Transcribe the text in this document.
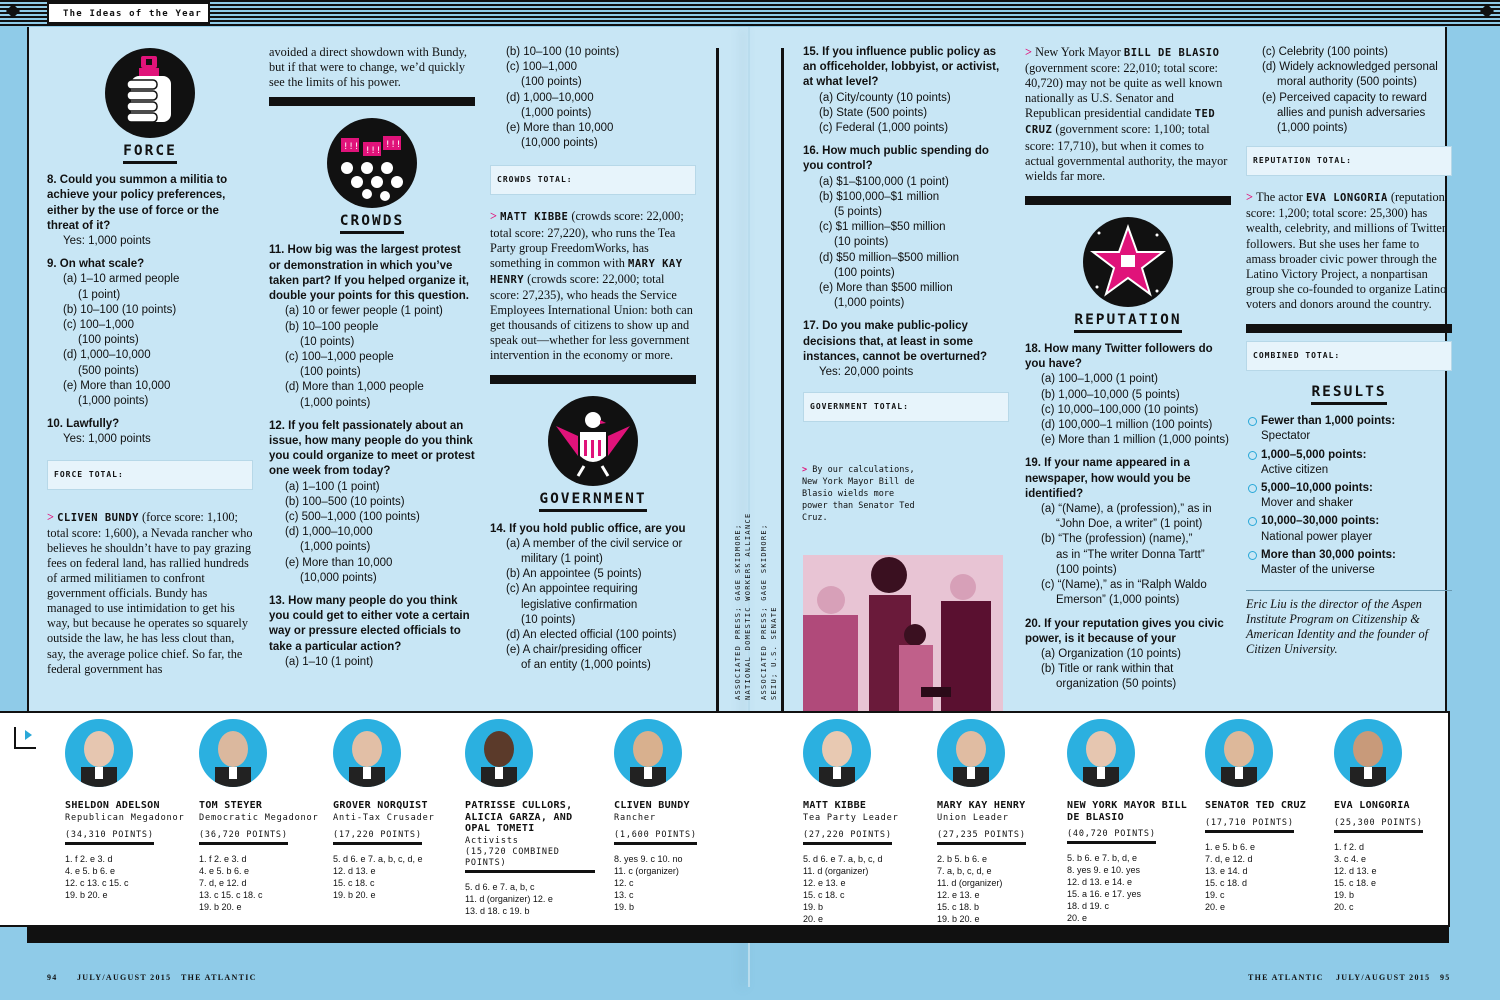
The Ideas of the Year
FORCE
8. Could you summon a militia to achieve your policy preferences, either by the use of force or the threat of it?
Yes: 1,000 points
9. On what scale?
(a) 1–10 armed people
(1 point)
(b) 10–100 (10 points)
(c) 100–1,000
(100 points)
(d) 1,000–10,000
(500 points)
(e) More than 10,000
(1,000 points)
10. Lawfully?
Yes: 1,000 points
FORCE TOTAL:
> CLIVEN BUNDY (force score: 1,100; total score: 1,600), a Nevada rancher who believes he shouldn’t have to pay grazing fees on federal land, has rallied hundreds of armed militiamen to confront government officials. Bundy has managed to use intimidation to get his way, but because he operates so squarely outside the law, he has less clout than, say, the average police chief. So far, the federal government has
avoided a direct showdown with Bundy, but if that were to change, we’d quickly see the limits of his power.
!!! !!!
!!!
CROWDS
11. How big was the largest protest or demonstration in which you’ve taken part? If you helped organize it, double your points for this question.
(a) 10 or fewer people (1 point)
(b) 10–100 people
(10 points)
(c) 100–1,000 people
(100 points)
(d) More than 1,000 people
(1,000 points)
12. If you felt passionately about an issue, how many people do you think you could organize to meet or protest one week from today?
(a) 1–100 (1 point)
(b) 100–500 (10 points)
(c) 500–1,000 (100 points)
(d) 1,000–10,000
(1,000 points)
(e) More than 10,000
(10,000 points)
13. How many people do you think you could get to either vote a certain way or pressure elected officials to take a particular action?
(a) 1–10 (1 point)
(b) 10–100 (10 points)
(c) 100–1,000
(100 points)
(d) 1,000–10,000
(1,000 points)
(e) More than 10,000
(10,000 points)
CROWDS TOTAL:
> MATT KIBBE (crowds score: 22,000; total score: 27,220), who runs the Tea Party group FreedomWorks, has something in common with MARY KAY HENRY (crowds score: 22,000; total score: 27,235), who heads the Service Employees International Union: both can get thousands of citizens to show up and speak out—whether for less government intervention in the economy or more.
GOVERNMENT
14. If you hold public office, are you
(a) A member of the civil service or
military (1 point)
(b) An appointee (5 points)
(c) An appointee requiring
legislative confirmation
(10 points)
(d) An elected official (100 points)
(e) A chair/presiding officer
of an entity (1,000 points)	ASSOCIATED PRESS; GAGE SKIDMORE; NATIONAL DOMESTIC WORKERS ALLIANCE ASSOCIATED PRESS; GAGE SKIDMORE; SEIU; U.S. SENATE
15. If you influence public policy as an officeholder, lobbyist, or activist, at what level?
(a) City/county (10 points)
(b) State (500 points)
(c) Federal (1,000 points)
16. How much public spending do you control?
(a) $1–$100,000 (1 point)
(b) $100,000–$1 million
(5 points)
(c) $1 million–$50 million
(10 points)
(d) $50 million–$500 million
(100 points)
(e) More than $500 million
(1,000 points)
17. Do you make public-policy decisions that, at least in some instances, cannot be overturned?
Yes: 20,000 points
GOVERNMENT TOTAL:
> By our calculations, New York Mayor Bill de Blasio wields more power than Senator Ted Cruz.
> New York Mayor BILL DE BLASIO (government score: 22,010; total score: 40,720) may not be quite as well known nationally as U.S. Senator and Republican presidential candidate TED CRUZ (government score: 1,100; total score: 17,710), but when it comes to actual governmental authority, the mayor wields far more.
REPUTATION
18. How many Twitter followers do you have?
(a) 100–1,000 (1 point)
(b) 1,000–10,000 (5 points)
(c) 10,000–100,000 (10 points)
(d) 100,000–1 million (100 points)
(e) More than 1 million (1,000 points)
19. If your name appeared in a newspaper, how would you be identified?
(a) “(Name), a (profession),” as in
“John Doe, a writer” (1 point)
(b) “The (profession) (name),”
as in “The writer Donna Tartt”
(100 points)
(c) “(Name),” as in “Ralph Waldo
Emerson” (1,000 points)
20. If your reputation gives you civic power, is it because of your
(a) Organization (10 points)
(b) Title or rank within that
organization (50 points)
(c) Celebrity (100 points)
(d) Widely acknowledged personal
moral authority (500 points)
(e) Perceived capacity to reward
allies and punish adversaries
(1,000 points)
REPUTATION TOTAL:
> The actor EVA LONGORIA (reputation score: 1,200; total score: 25,300) has wealth, celebrity, and millions of Twitter followers. But she uses her fame to amass broader civic power through the Latino Victory Project, a nonpartisan group she co-founded to organize Latino voters and donors around the country.
COMBINED TOTAL:
RESULTS
Fewer than 1,000 points:
Spectator
1,000–5,000 points:
Active citizen
5,000–10,000 points:
Mover and shaker
10,000–30,000 points:
National power player
More than 30,000 points:
Master of the universe
Eric Liu is the director of the Aspen Institute Program on Citizenship & American Identity and the founder of Citizen University.
SHELDON ADELSON
Republican Megadonor
(34,310 POINTS)
1. f 2. e 3. d
4. e 5. b 6. e
12. c 13. c 15. c
19. b 20. e
TOM STEYER
Democratic Megadonor
(36,720 POINTS)
1. f 2. e 3. d
4. e 5. b 6. e
7. d, e 12. d
13. c 15. c 18. c
19. b 20. e
GROVER NORQUIST
Anti-Tax Crusader
(17,220 POINTS)
5. d 6. e 7. a, b, c, d, e
12. d 13. e
15. c 18. c
19. b 20. e
PATRISSE CULLORS, ALICIA GARZA, AND OPAL TOMETI
Activists
(15,720 COMBINED POINTS)
5. d 6. e 7. a, b, c
11. d (organizer) 12. e
13. d 18. c 19. b
CLIVEN BUNDY
Rancher
(1,600 POINTS)
8. yes 9. c 10. no
11. c (organizer)
12. c
13. c
19. b
MATT KIBBE
Tea Party Leader
(27,220 POINTS)
5. d 6. e 7. a, b, c, d
11. d (organizer)
12. e 13. e
15. c 18. c
19. b
20. e
MARY KAY HENRY
Union Leader
(27,235 POINTS)
2. b 5. b 6. e
7. a, b, c, d, e
11. d (organizer)
12. e 13. e
15. c 18. b
19. b 20. e
NEW YORK MAYOR BILL DE BLASIO
(40,720 POINTS)
5. b 6. e 7. b, d, e
8. yes 9. e 10. yes
12. d 13. e 14. e
15. a 16. e 17. yes
18. d 19. c
20. e
SENATOR TED CRUZ
(17,710 POINTS)
1. e 5. b 6. e
7. d, e 12. d
13. e 14. d
15. c 18. d
19. c
20. e
EVA LONGORIA
(25,300 POINTS)
1. f 2. d
3. c 4. e
12. d 13. e
15. c 18. e
19. b
20. c
94 JULY/AUGUST 2015 THE ATLANTIC	THE ATLANTIC JULY/AUGUST 2015 95
